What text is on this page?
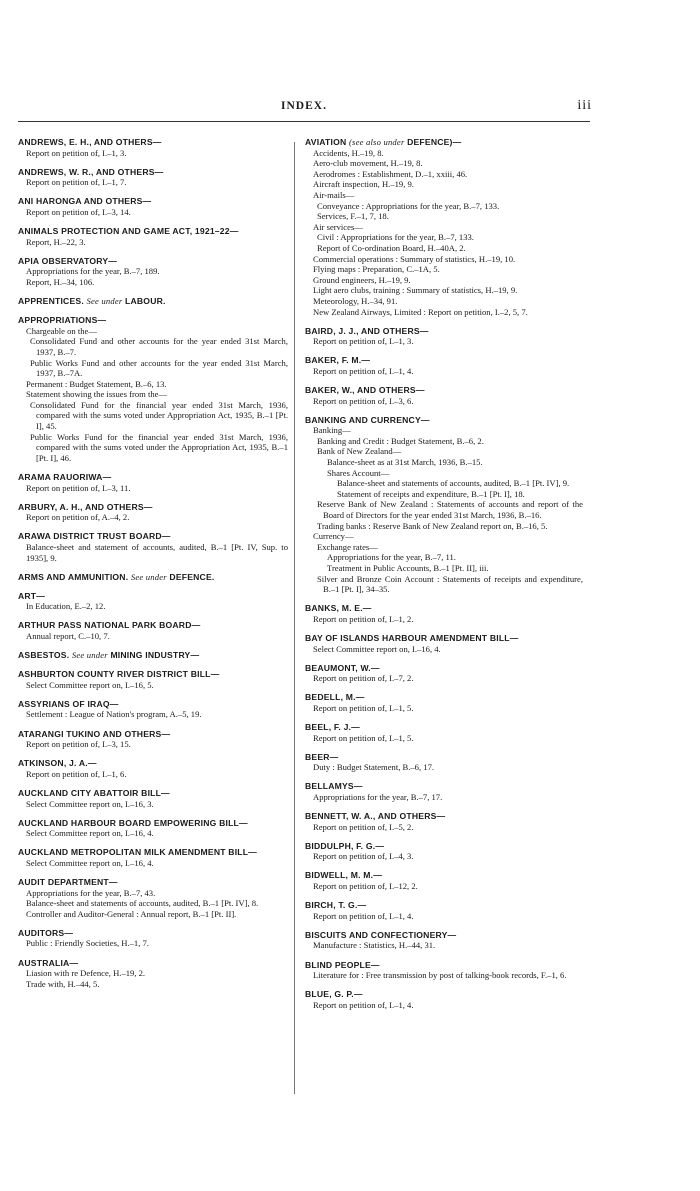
INDEX.	iii
ANDREWS, E. H., AND OTHERS—
Report on petition of, I.–1, 3.
ANDREWS, W. R., AND OTHERS—
Report on petition of, I.–1, 7.
ANI HARONGA AND OTHERS—
Report on petition of, I.–3, 14.
ANIMALS PROTECTION AND GAME ACT, 1921–22—
Report, H.–22, 3.
APIA OBSERVATORY—
Appropriations for the year, B.–7, 189.
Report, H.–34, 106.
APPRENTICES. See under LABOUR.
APPROPRIATIONS—
Chargeable on the—
Consolidated Fund and other accounts for the year ended 31st March, 1937, B.–7.
Public Works Fund and other accounts for the year ended 31st March, 1937, B.–7A.
Permanent : Budget Statement, B.–6, 13.
Statement showing the issues from the—
Consolidated Fund for the financial year ended 31st March, 1936, compared with the sums voted under Appropriation Act, 1935, B.–1 [Pt. I], 45.
Public Works Fund for the financial year ended 31st March, 1936, compared with the sums voted under the Appropriation Act, 1935, B.–1 [Pt. I], 46.
ARAMA RAUORIWA—
Report on petition of, I.–3, 11.
ARBURY, A. H., AND OTHERS—
Report on petition of, A.–4, 2.
ARAWA DISTRICT TRUST BOARD—
Balance-sheet and statement of accounts, audited, B.–1 [Pt. IV, Sup. to 1935], 9.
ARMS AND AMMUNITION. See under DEFENCE.
ART—
In Education, E.–2, 12.
ARTHUR PASS NATIONAL PARK BOARD—
Annual report, C.–10, 7.
ASBESTOS. See under MINING INDUSTRY—
ASHBURTON COUNTY RIVER DISTRICT BILL—
Select Committee report on, I.–16, 5.
ASSYRIANS OF IRAQ—
Settlement : League of Nation's program, A.–5, 19.
ATARANGI TUKINO AND OTHERS—
Report on petition of, I.–3, 15.
ATKINSON, J. A.—
Report on petition of, I.–1, 6.
AUCKLAND CITY ABATTOIR BILL—
Select Committee report on, I.–16, 3.
AUCKLAND HARBOUR BOARD EMPOWERING BILL—
Select Committee report on, I.–16, 4.
AUCKLAND METROPOLITAN MILK AMENDMENT BILL—
Select Committee report on, I.–16, 4.
AUDIT DEPARTMENT—
Appropriations for the year, B.–7, 43.
Balance-sheet and statements of accounts, audited, B.–1 [Pt. IV], 8.
Controller and Auditor-General : Annual report, B.–1 [Pt. II].
AUDITORS—
Public : Friendly Societies, H.–1, 7.
AUSTRALIA—
Liasion with re Defence, H.–19, 2.
Trade with, H.–44, 5.
AVIATION (see also under DEFENCE)—
Accidents, H.–19, 8.
Aero-club movement, H.–19, 8.
Aerodromes : Establishment, D.–1, xxiii, 46.
Aircraft inspection, H.–19, 9.
Air-mails—
Conveyance : Appropriations for the year, B.–7, 133.
Services, F.–1, 7, 18.
Air services—
Civil : Appropriations for the year, B.–7, 133.
Report of Co-ordination Board, H.–40A, 2.
Commercial operations : Summary of statistics, H.–19, 10.
Flying maps : Preparation, C.–1A, 5.
Ground engineers, H.–19, 9.
Light aero clubs, training : Summary of statistics, H.–19, 9.
Meteorology, H.–34, 91.
New Zealand Airways, Limited : Report on petition, I.–2, 5, 7.
BAIRD, J. J., AND OTHERS—
Report on petition of, I.–1, 3.
BAKER, F. M.—
Report on petition of, I.–1, 4.
BAKER, W., AND OTHERS—
Report on petition of, I.–3, 6.
BANKING AND CURRENCY—
Banking—
Banking and Credit : Budget Statement, B.–6, 2.
Bank of New Zealand—
Balance-sheet as at 31st March, 1936, B.–15.
Shares Account—
Balance-sheet and statements of accounts, audited, B.–1 [Pt. IV], 9.
Statement of receipts and expenditure, B.–1 [Pt. I], 18.
Reserve Bank of New Zealand : Statements of accounts and report of the Board of Directors for the year ended 31st March, 1936, B.–16.
Trading banks : Reserve Bank of New Zealand report on, B.–16, 5.
Currency—
Exchange rates—
Appropriations for the year, B.–7, 11.
Treatment in Public Accounts, B.–1 [Pt. II], iii.
Silver and Bronze Coin Account : Statements of receipts and expenditure, B.–1 [Pt. I], 34–35.
BANKS, M. E.—
Report on petition of, I.–1, 2.
BAY OF ISLANDS HARBOUR AMENDMENT BILL—
Select Committee report on, I.–16, 4.
BEAUMONT, W.—
Report on petition of, I.–7, 2.
BEDELL, M.—
Report on petition of, I.–1, 5.
BEEL, F. J.—
Report on petition of, I.–1, 5.
BEER—
Duty : Budget Statement, B.–6, 17.
BELLAMYS—
Appropriations for the year, B.–7, 17.
BENNETT, W. A., AND OTHERS—
Report on petition of, I.–5, 2.
BIDDULPH, F. G.—
Report on petition of, I.–4, 3.
BIDWELL, M. M.—
Report on petition of, I.–12, 2.
BIRCH, T. G.—
Report on petition of, I.–1, 4.
BISCUITS AND CONFECTIONERY—
Manufacture : Statistics, H.–44, 31.
BLIND PEOPLE—
Literature for : Free transmission by post of talking-book records, F.–1, 6.
BLUE, G. P.—
Report on petition of, I.–1, 4.
